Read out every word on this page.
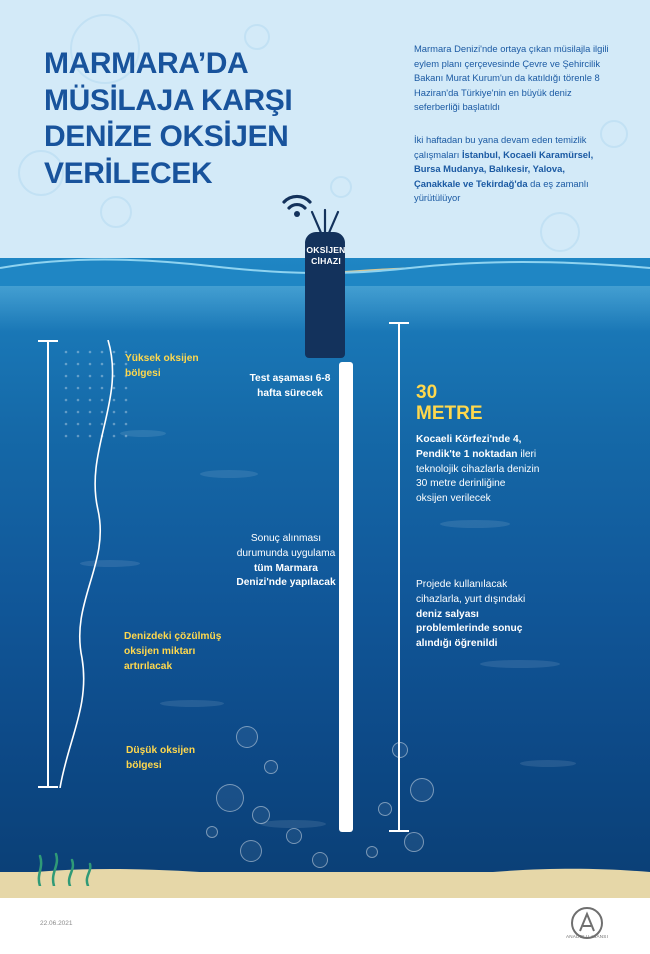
MARMARA’DA MÜSİLAJA KARŞI DENİZE OKSİJEN VERİLECEK
Marmara Denizi'nde ortaya çıkan müsilajla ilgili eylem planı çerçevesinde Çevre ve Şehircilik Bakanı Murat Kurum'un da katıldığı törenle 8 Haziran'da Türkiye'nin en büyük deniz seferberliği başlatıldı
İki haftadan bu yana devam eden temizlik çalışmaları İstanbul, Kocaeli Karamürsel, Bursa Mudanya, Balıkesir, Yalova, Çanakkale ve Tekirdağ'da da eş zamanlı yürütülüyor
OKSİJEN
CİHAZI
Yüksek oksijen bölgesi
Denizdeki çözülmüş oksijen miktarı artırılacak
Düşük oksijen bölgesi
Test aşaması 6-8 hafta sürecek
Sonuç alınması durumunda uygulama tüm Marmara Denizi'nde yapılacak
30
METRE
Kocaeli Körfezi'nde 4, Pendik'te 1 noktadan ileri teknolojik cihazlarla denizin 30 metre derinliğine oksijen verilecek
Projede kullanılacak cihazlarla, yurt dışındaki deniz salyası problemlerinde sonuç alındığı öğrenildi
22.06.2021
ANADOLU AJANSI
